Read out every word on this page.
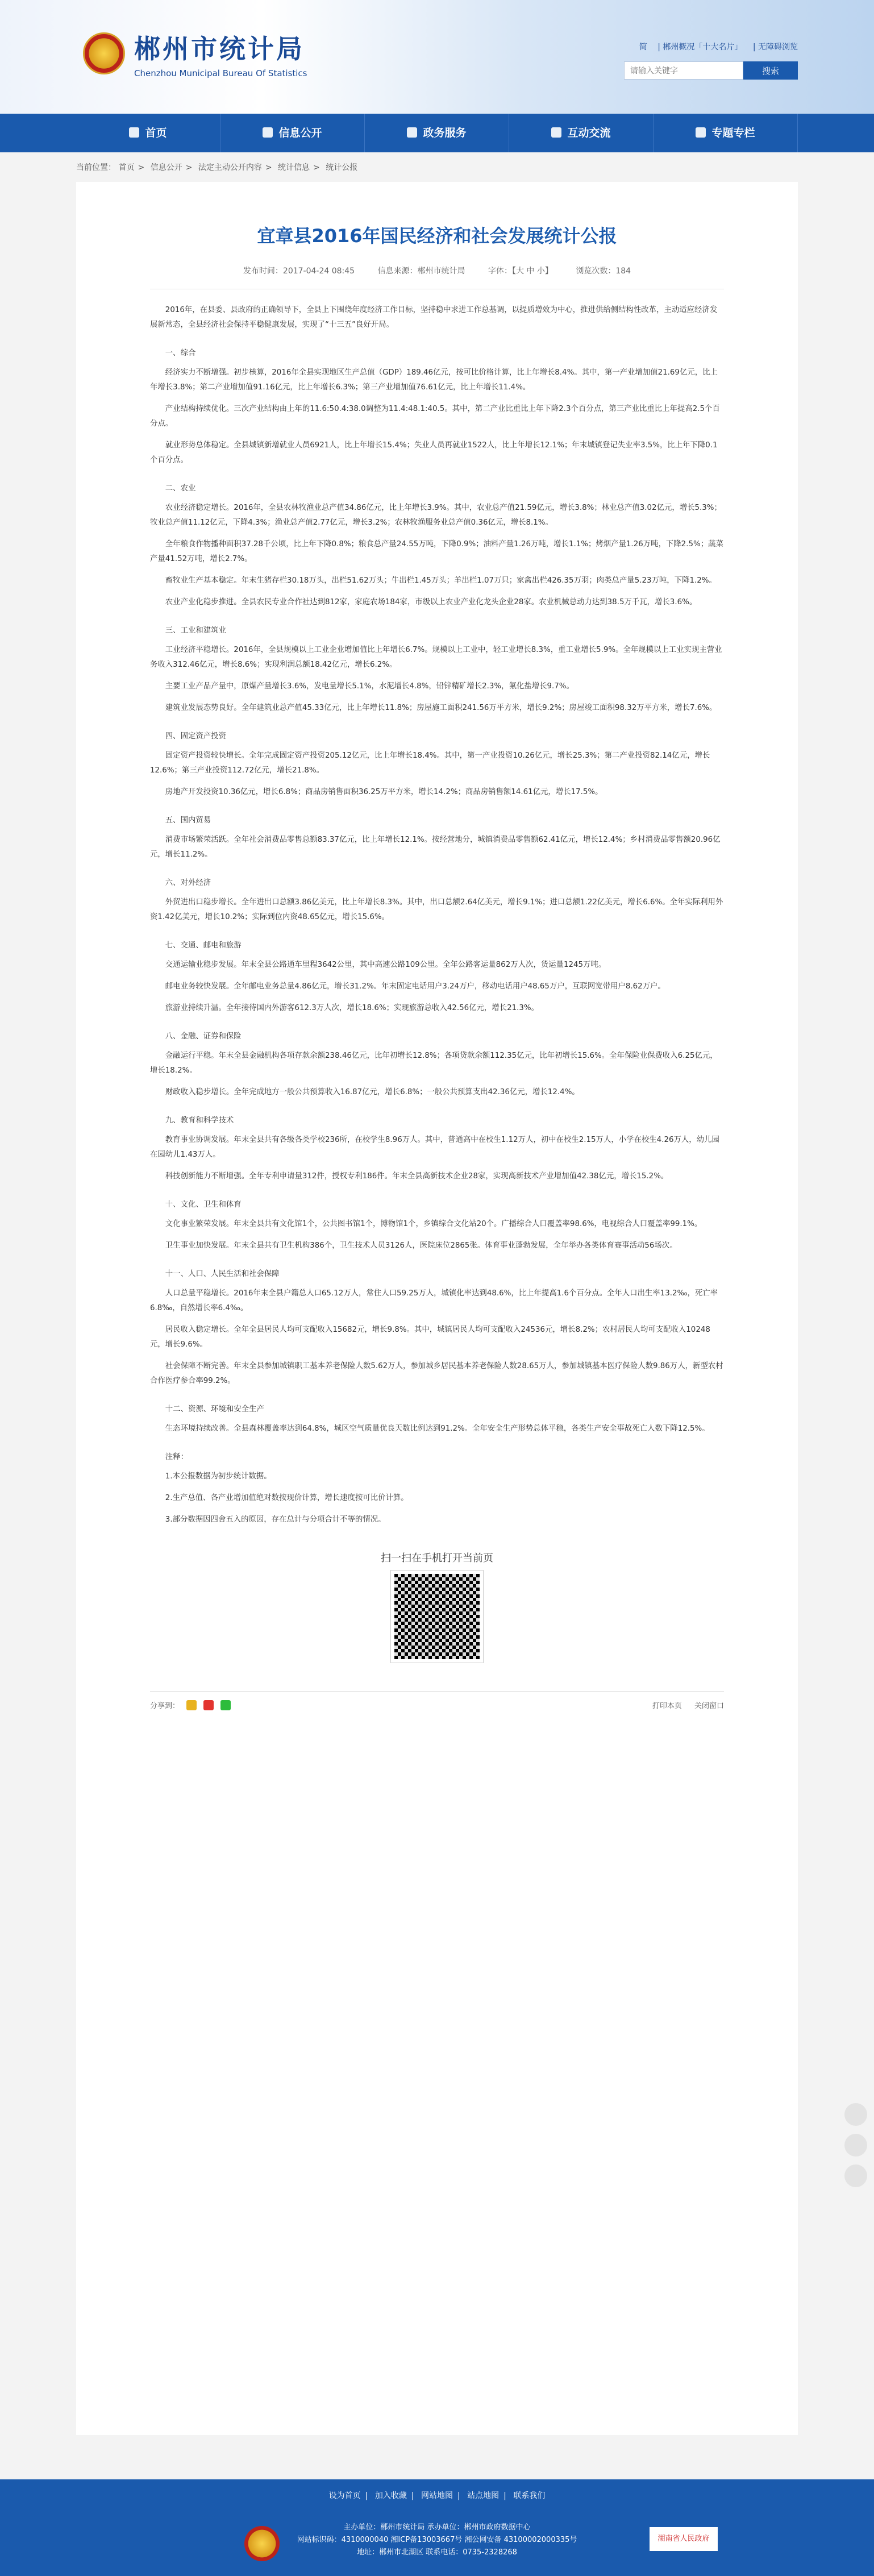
郴州市统计局
Chenzhou Municipal Bureau Of Statistics
简 | 郴州概况「十大名片」 | 无障碍浏览
请输入关键字
搜索
首页	信息公开	政务服务	互动交流	专题专栏
当前位置： 首页 > 信息公开 > 法定主动公开内容 > 统计信息 > 统计公报
宜章县2016年国民经济和社会发展统计公报
发布时间：2017-04-24 08:45	信息来源：郴州市统计局	字体：【大 中 小】	浏览次数：184

2016年，在县委、县政府的正确领导下，全县上下围绕年度经济工作目标，坚持稳中求进工作总基调，以提质增效为中心，推进供给侧结构性改革，主动适应经济发展新常态，全县经济社会保持平稳健康发展，实现了“十三五”良好开局。

一、综合

经济实力不断增强。初步核算，2016年全县实现地区生产总值（GDP）189.46亿元，按可比价格计算，比上年增长8.4%。其中，第一产业增加值21.69亿元，比上年增长3.8%；第二产业增加值91.16亿元，比上年增长6.3%；第三产业增加值76.61亿元，比上年增长11.4%。

产业结构持续优化。三次产业结构由上年的11.6:50.4:38.0调整为11.4:48.1:40.5。其中，第二产业比重比上年下降2.3个百分点，第三产业比重比上年提高2.5个百分点。

就业形势总体稳定。全县城镇新增就业人员6921人，比上年增长15.4%；失业人员再就业1522人，比上年增长12.1%；年末城镇登记失业率3.5%，比上年下降0.1个百分点。

二、农业

农业经济稳定增长。2016年，全县农林牧渔业总产值34.86亿元，比上年增长3.9%。其中，农业总产值21.59亿元，增长3.8%；林业总产值3.02亿元，增长5.3%；牧业总产值11.12亿元，下降4.3%；渔业总产值2.77亿元，增长3.2%；农林牧渔服务业总产值0.36亿元，增长8.1%。

全年粮食作物播种面积37.28千公顷，比上年下降0.8%；粮食总产量24.55万吨，下降0.9%；油料产量1.26万吨，增长1.1%；烤烟产量1.26万吨，下降2.5%；蔬菜产量41.52万吨，增长2.7%。

畜牧业生产基本稳定。年末生猪存栏30.18万头，出栏51.62万头；牛出栏1.45万头；羊出栏1.07万只；家禽出栏426.35万羽；肉类总产量5.23万吨，下降1.2%。

农业产业化稳步推进。全县农民专业合作社达到812家，家庭农场184家，市级以上农业产业化龙头企业28家。农业机械总动力达到38.5万千瓦，增长3.6%。

三、工业和建筑业

工业经济平稳增长。2016年，全县规模以上工业企业增加值比上年增长6.7%。规模以上工业中，轻工业增长8.3%，重工业增长5.9%。全年规模以上工业实现主营业务收入312.46亿元，增长8.6%；实现利润总额18.42亿元，增长6.2%。

主要工业产品产量中，原煤产量增长3.6%，发电量增长5.1%，水泥增长4.8%，铅锌精矿增长2.3%，氟化盐增长9.7%。

建筑业发展态势良好。全年建筑业总产值45.33亿元，比上年增长11.8%；房屋施工面积241.56万平方米，增长9.2%；房屋竣工面积98.32万平方米，增长7.6%。

四、固定资产投资

固定资产投资较快增长。全年完成固定资产投资205.12亿元，比上年增长18.4%。其中，第一产业投资10.26亿元，增长25.3%；第二产业投资82.14亿元，增长12.6%；第三产业投资112.72亿元，增长21.8%。

房地产开发投资10.36亿元，增长6.8%；商品房销售面积36.25万平方米，增长14.2%；商品房销售额14.61亿元，增长17.5%。

五、国内贸易

消费市场繁荣活跃。全年社会消费品零售总额83.37亿元，比上年增长12.1%。按经营地分，城镇消费品零售额62.41亿元，增长12.4%；乡村消费品零售额20.96亿元，增长11.2%。

六、对外经济

外贸进出口稳步增长。全年进出口总额3.86亿美元，比上年增长8.3%。其中，出口总额2.64亿美元，增长9.1%；进口总额1.22亿美元，增长6.6%。全年实际利用外资1.42亿美元，增长10.2%；实际到位内资48.65亿元，增长15.6%。

七、交通、邮电和旅游

交通运输业稳步发展。年末全县公路通车里程3642公里，其中高速公路109公里。全年公路客运量862万人次，货运量1245万吨。

邮电业务较快发展。全年邮电业务总量4.86亿元，增长31.2%。年末固定电话用户3.24万户，移动电话用户48.65万户，互联网宽带用户8.62万户。

旅游业持续升温。全年接待国内外游客612.3万人次，增长18.6%；实现旅游总收入42.56亿元，增长21.3%。

八、金融、证券和保险

金融运行平稳。年末全县金融机构各项存款余额238.46亿元，比年初增长12.8%；各项贷款余额112.35亿元，比年初增长15.6%。全年保险业保费收入6.25亿元，增长18.2%。

财政收入稳步增长。全年完成地方一般公共预算收入16.87亿元，增长6.8%；一般公共预算支出42.36亿元，增长12.4%。

九、教育和科学技术

教育事业协调发展。年末全县共有各级各类学校236所，在校学生8.96万人。其中，普通高中在校生1.12万人，初中在校生2.15万人，小学在校生4.26万人，幼儿园在园幼儿1.43万人。

科技创新能力不断增强。全年专利申请量312件，授权专利186件。年末全县高新技术企业28家，实现高新技术产业增加值42.38亿元，增长15.2%。

十、文化、卫生和体育

文化事业繁荣发展。年末全县共有文化馆1个，公共图书馆1个，博物馆1个，乡镇综合文化站20个。广播综合人口覆盖率98.6%，电视综合人口覆盖率99.1%。

卫生事业加快发展。年末全县共有卫生机构386个，卫生技术人员3126人，医院床位2865张。体育事业蓬勃发展，全年举办各类体育赛事活动56场次。

十一、人口、人民生活和社会保障

人口总量平稳增长。2016年末全县户籍总人口65.12万人，常住人口59.25万人，城镇化率达到48.6%，比上年提高1.6个百分点。全年人口出生率13.2‰，死亡率6.8‰，自然增长率6.4‰。

居民收入稳定增长。全年全县居民人均可支配收入15682元，增长9.8%。其中，城镇居民人均可支配收入24536元，增长8.2%；农村居民人均可支配收入10248元，增长9.6%。

社会保障不断完善。年末全县参加城镇职工基本养老保险人数5.62万人，参加城乡居民基本养老保险人数28.65万人，参加城镇基本医疗保险人数9.86万人，新型农村合作医疗参合率99.2%。

十二、资源、环境和安全生产

生态环境持续改善。全县森林覆盖率达到64.8%，城区空气质量优良天数比例达到91.2%。全年安全生产形势总体平稳，各类生产安全事故死亡人数下降12.5%。

注释：

1.本公报数据为初步统计数据。

2.生产总值、各产业增加值绝对数按现价计算，增长速度按可比价计算。

3.部分数据因四舍五入的原因，存在总计与分项合计不等的情况。

扫一扫在手机打开当前页
分享到：	打印本页 关闭窗口
设为首页 | 加入收藏 | 网站地图 | 站点地图 | 联系我们
主办单位：郴州市统计局 承办单位：郴州市政府数据中心
网站标识码：4310000040 湘ICP备13003667号 湘公网安备 43100002000335号
地址：郴州市北湖区 联系电话：0735-2328268
湖南省人民政府
